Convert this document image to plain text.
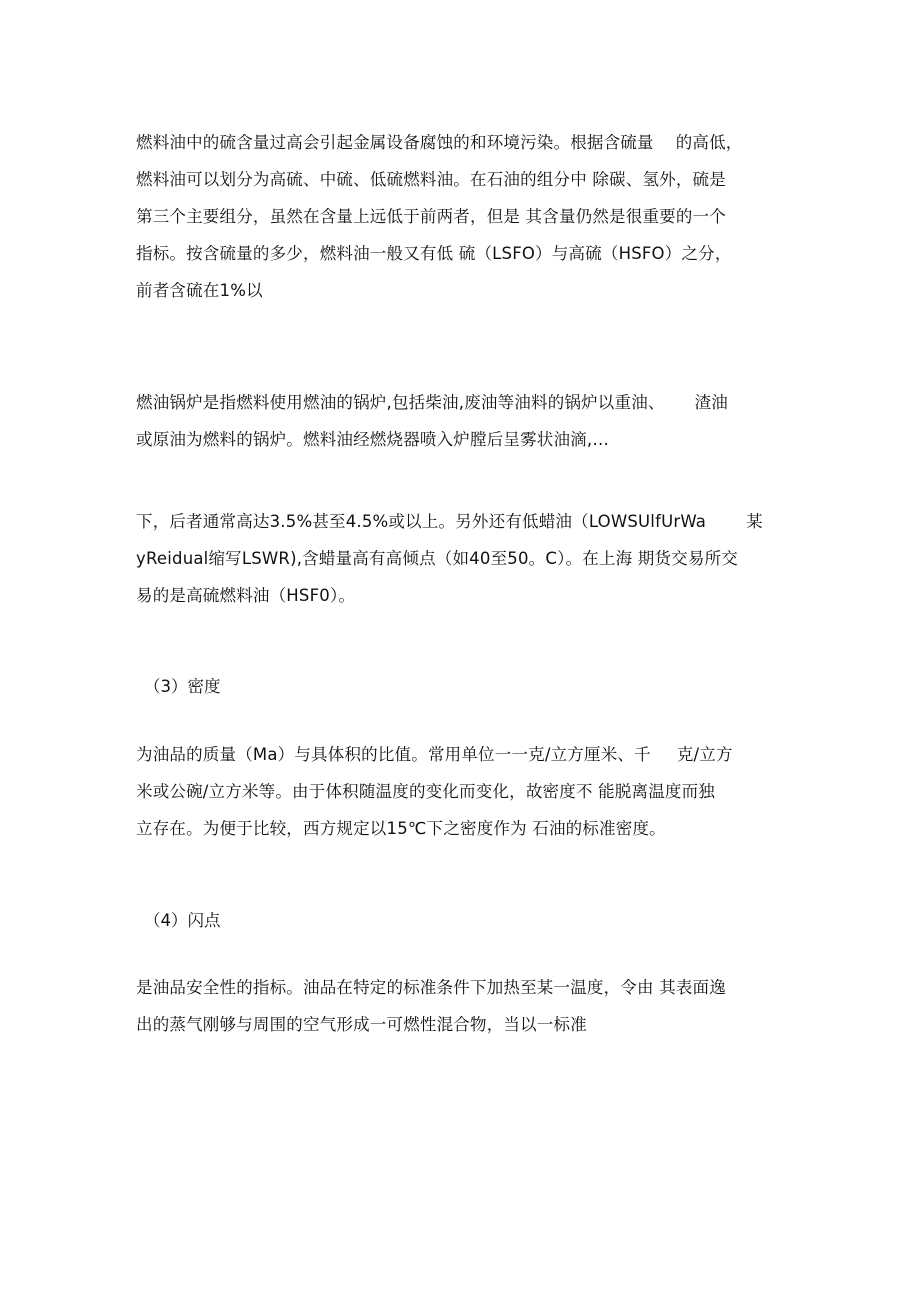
燃料油中的硫含量过高会引起金属设备腐蚀的和环境污染。根据含硫量 的高低，
燃料油可以划分为高硫、中硫、低硫燃料油。在石油的组分中 除碳、氢外，硫是
第三个主要组分，虽然在含量上远低于前两者，但是 其含量仍然是很重要的一个
指标。按含硫量的多少，燃料油一般又有低 硫（LSFO）与高硫（HSFO）之分，
前者含硫在1%以
燃油锅炉是指燃料使用燃油的锅炉,包括柴油,废油等油料的锅炉以重油、 渣油
或原油为燃料的锅炉。燃料油经燃烧器喷入炉膛后呈雾状油滴,…
下，后者通常高达3.5%甚至4.5%或以上。另外还有低蜡油（LOWSUlfUrWa 某
yReidual缩写LSWR),含蜡量高有高倾点（如40至50。C）。在上海 期货交易所交
易的是高硫燃料油（HSF0）。
（3）密度
为油品的质量（Ma）与具体积的比值。常用单位一一克/立方厘米、千 克/立方
米或公碗/立方米等。由于体积随温度的变化而变化，故密度不 能脱离温度而独
立存在。为便于比较，西方规定以15℃下之密度作为 石油的标准密度。
（4）闪点
是油品安全性的指标。油品在特定的标准条件下加热至某一温度，令由 其表面逸
出的蒸气刚够与周围的空气形成一可燃性混合物，当以一标准
